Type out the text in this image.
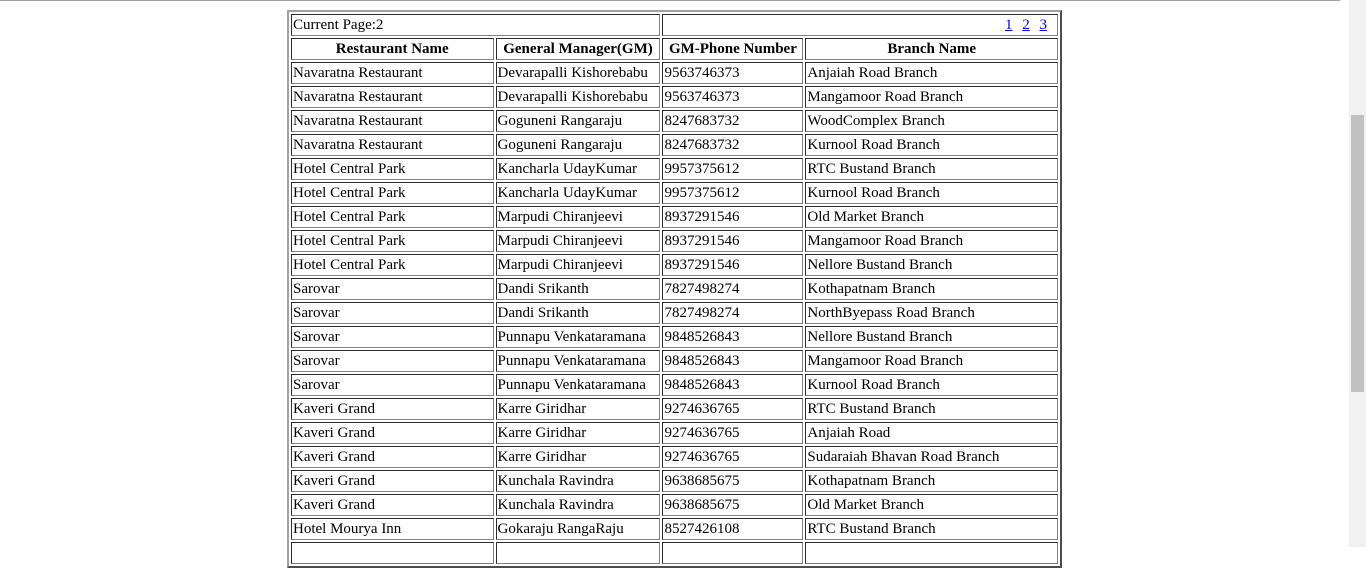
Current Page:2		1 2 3	
Restaurant Name	General Manager(GM)	GM-Phone Number	Branch Name
Navaratna Restaurant	Devarapalli Kishorebabu	9563746373	Anjaiah Road Branch
Navaratna Restaurant	Devarapalli Kishorebabu	9563746373	Mangamoor Road Branch
Navaratna Restaurant	Goguneni Rangaraju	8247683732	WoodComplex Branch
Navaratna Restaurant	Goguneni Rangaraju	8247683732	Kurnool Road Branch
Hotel Central Park	Kancharla UdayKumar	9957375612	RTC Bustand Branch
Hotel Central Park	Kancharla UdayKumar	9957375612	Kurnool Road Branch
Hotel Central Park	Marpudi Chiranjeevi	8937291546	Old Market Branch
Hotel Central Park	Marpudi Chiranjeevi	8937291546	Mangamoor Road Branch
Hotel Central Park	Marpudi Chiranjeevi	8937291546	Nellore Bustand Branch
Sarovar	Dandi Srikanth	7827498274	Kothapatnam Branch
Sarovar	Dandi Srikanth	7827498274	NorthByepass Road Branch
Sarovar	Punnapu Venkataramana	9848526843	Nellore Bustand Branch
Sarovar	Punnapu Venkataramana	9848526843	Mangamoor Road Branch
Sarovar	Punnapu Venkataramana	9848526843	Kurnool Road Branch
Kaveri Grand	Karre Giridhar	9274636765	RTC Bustand Branch
Kaveri Grand	Karre Giridhar	9274636765	Anjaiah Road
Kaveri Grand	Karre Giridhar	9274636765	Sudaraiah Bhavan Road Branch
Kaveri Grand	Kunchala Ravindra	9638685675	Kothapatnam Branch
Kaveri Grand	Kunchala Ravindra	9638685675	Old Market Branch
Hotel Mourya Inn	Gokaraju RangaRaju	8527426108	RTC Bustand Branch
